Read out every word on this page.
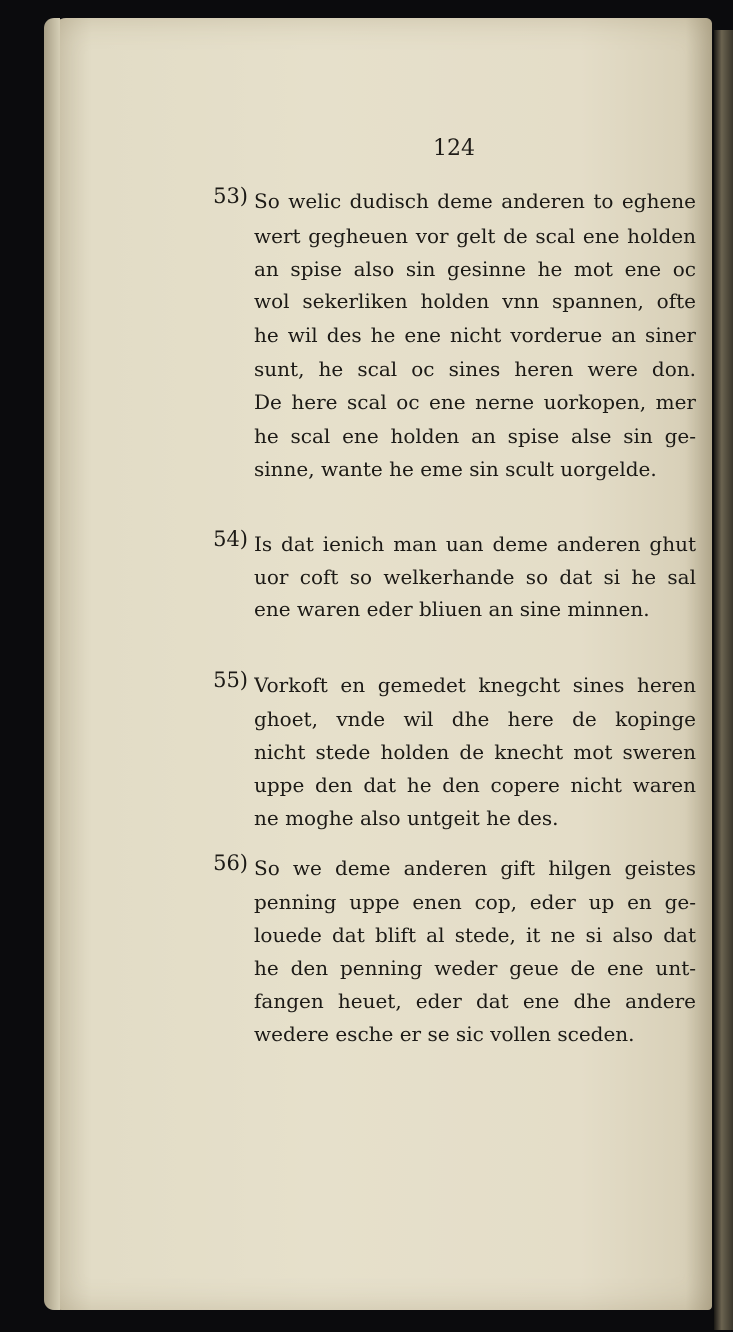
124
53) So welic dudisch deme anderen to eghene
wert gegheuen vor gelt de scal ene holden
an spise also sin gesinne he mot ene oc
wol sekerliken holden vnn spannen, ofte
he wil des he ene nicht vorderue an siner
sunt, he scal oc sines heren were don.
De here scal oc ene nerne uorkopen, mer
he scal ene holden an spise alse sin ge-
sinne, wante he eme sin scult uorgelde.
54) Is dat ienich man uan deme anderen ghut
uor coft so welkerhande so dat si he sal
ene waren eder bliuen an sine minnen.
55) Vorkoft en gemedet knegcht sines heren
ghoet, vnde wil dhe here de kopinge
nicht stede holden de knecht mot sweren
uppe den dat he den copere nicht waren
ne moghe also untgeit he des.
56) So we deme anderen gift hilgen geistes
penning uppe enen cop, eder up en ge-
louede dat blift al stede, it ne si also dat
he den penning weder geue de ene unt-
fangen heuet, eder dat ene dhe andere
wedere esche er se sic vollen sceden.
